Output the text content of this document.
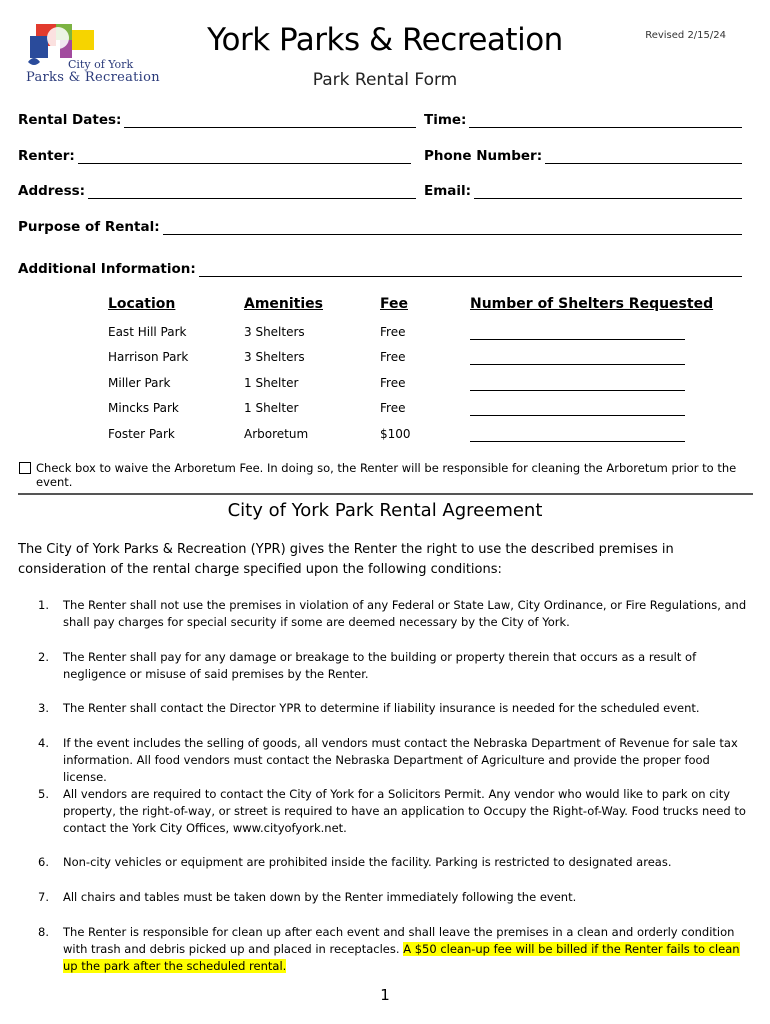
City of York
Parks & Recreation
York Parks & Recreation
Park Rental Form
Revised 2/15/24
Rental Dates:	Time:
Renter:	Phone Number:
Address:	Email:
Purpose of Rental:
Additional Information:
Location	Amenities	Fee	Number of Shelters Requested
East Hill Park	3 Shelters	Free
Harrison Park	3 Shelters	Free
Miller Park	1 Shelter	Free
Mincks Park	1 Shelter	Free
Foster Park	Arboretum	$100
Check box to waive the Arboretum Fee. In doing so, the Renter will be responsible for cleaning the Arboretum prior to the event.
City of York Park Rental Agreement
The City of York Parks & Recreation (YPR) gives the Renter the right to use the described premises in consideration of the rental charge specified upon the following conditions:
1.	The Renter shall not use the premises in violation of any Federal or State Law, City Ordinance, or Fire Regulations, and shall pay charges for special security if some are deemed necessary by the City of York.
2.	The Renter shall pay for any damage or breakage to the building or property therein that occurs as a result of negligence or misuse of said premises by the Renter.
3.	The Renter shall contact the Director YPR to determine if liability insurance is needed for the scheduled event.
4.	If the event includes the selling of goods, all vendors must contact the Nebraska Department of Revenue for sale tax information. All food vendors must contact the Nebraska Department of Agriculture and provide the proper food license.
5.	All vendors are required to contact the City of York for a Solicitors Permit. Any vendor who would like to park on city property, the right-of-way, or street is required to have an application to Occupy the Right-of-Way. Food trucks need to contact the York City Offices, www.cityofyork.net.
6.	Non-city vehicles or equipment are prohibited inside the facility. Parking is restricted to designated areas.
7.	All chairs and tables must be taken down by the Renter immediately following the event.
8.	The Renter is responsible for clean up after each event and shall leave the premises in a clean and orderly condition with trash and debris picked up and placed in receptacles. A $50 clean-up fee will be billed if the Renter fails to clean up the park after the scheduled rental.
1
